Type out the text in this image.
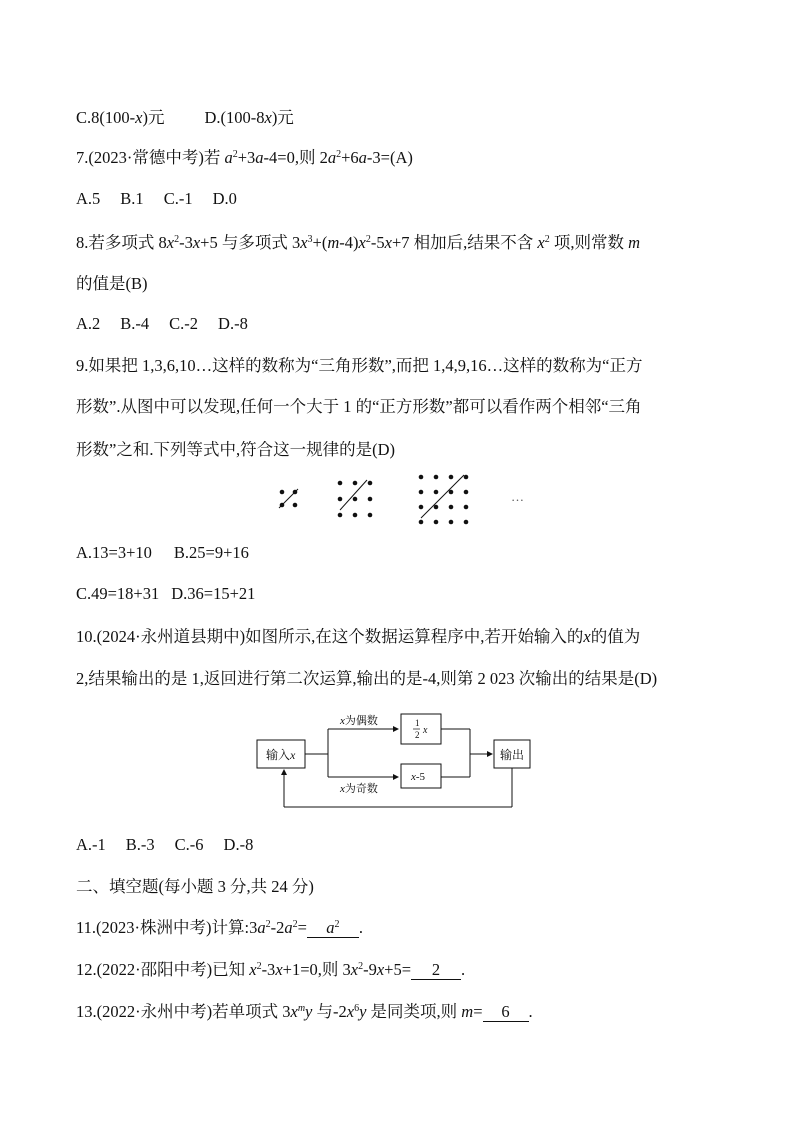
C.8(100-x)元 D.(100-8x)元
7.(2023·常德中考)若 $a^2+3a-4=0$,则 $2a^2+6a-3=(A)$
A.5 B.1 C.-1 D.0
8.若多项式 $8x^2-3x+5$ 与多项式 $3x^3+(m-4)x^2-5x+7$ 相加后,结果不含 $x^2$ 项,则常数 m
的值是(B)
A.2 B.-4 C.-2 D.-8
9.如果把 1,3,6,10…这样的数称为“三角形数”,而把 1,4,9,16…这样的数称为“正方
形数”.从图中可以发现,任何一个大于 1 的“正方形数”都可以看作两个相邻“三角
形数”之和.下列等式中,符合这一规律的是(D)
…
A.13=3+10 B.25=9+16
C.49=18+31 D.36=15+21
10.(2024·永州道县期中)如图所示,在这个数据运算程序中,若开始输入的x的值为
2,结果输出的是 1,返回进行第二次运算,输出的是-4,则第 2 023 次输出的结果是(D)
输入x
x为偶数
x为奇数
1
2 x
x-5
输出
A.-1 B.-3 C.-6 D.-8
二、填空题(每小题 3 分,共 24 分)
11.(2023·株洲中考)计算$:3a^2-2a^2= a^2$ .
12.(2022·邵阳中考)已知 $x^2-3x+1=0$,则 $3x^2-9x+5= 2$ .
13.(2022·永州中考)若单项式 $3x^my$ 与$-2x^6y$ 是同类项,则 m= 6 .
